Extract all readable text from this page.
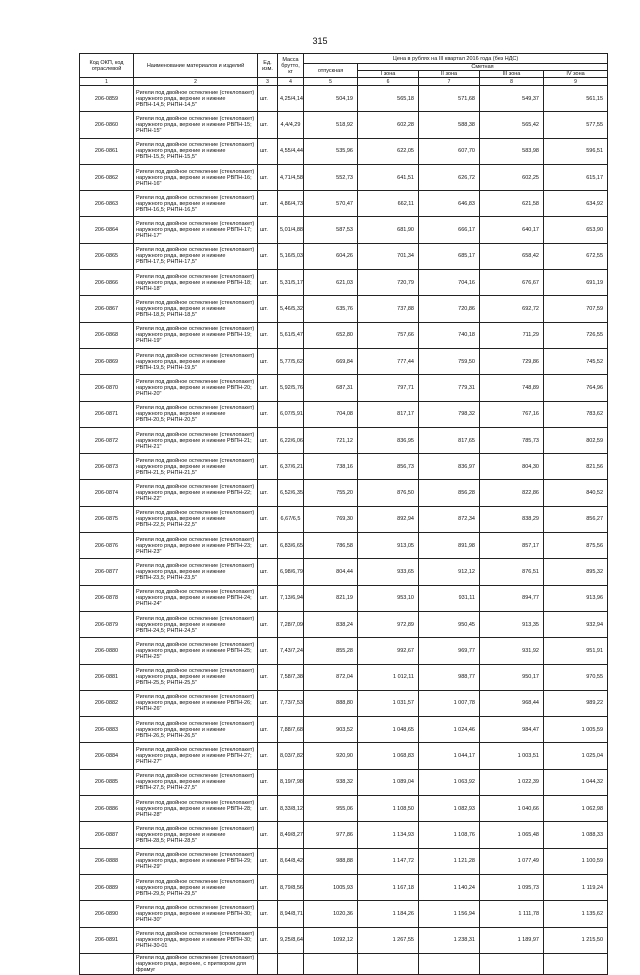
315
Код ОКП, код отраслевой	Наименование материалов и изделий	Ед. изм.	Масса брутто, кг	Цена в рублях на III квартал 2016 года (без НДС)				
				отпускная	Сметная			
					I зона	II зона	III зона	IV зона
1	2	3	4	5	6	7	8	9
206-0859	Ригели под двойное остекление (стеклопакет) наружного ряда, верхние и нижние РВПН-14,5; РНПН-14,5"	шт.	4,25/4,14	504,19	565,18	571,68	549,37	561,15
206-0860	Ригели под двойное остекление (стеклопакет) наружного ряда, верхние и нижние РВПН-15; РНПН-15"	шт.	4,4/4,29	518,92	602,28	588,38	565,42	577,55
206-0861	Ригели под двойное остекление (стеклопакет) наружного ряда, верхние и нижние РВПН-15,5; РНПН-15,5"	шт.	4,55/4,44	535,96	622,05	607,70	583,98	596,51
206-0862	Ригели под двойное остекление (стеклопакет) наружного ряда, верхние и нижние РВПН-16; РНПН-16"	шт.	4,71/4,58	552,73	641,51	626,72	602,25	615,17
206-0863	Ригели под двойное остекление (стеклопакет) наружного ряда, верхние и нижние РВПН-16,5; РНПН-16,5"	шт.	4,86/4,73	570,47	662,11	646,83	621,58	634,92
206-0864	Ригели под двойное остекление (стеклопакет) наружного ряда, верхние и нижние РВПН-17; РНПН-17"	шт.	5,01/4,88	587,53	681,90	666,17	640,17	653,90
206-0865	Ригели под двойное остекление (стеклопакет) наружного ряда, верхние и нижние РВПН-17,5; РНПН-17,5"	шт.	5,16/5,03	604,26	701,34	685,17	658,42	672,55
206-0866	Ригели под двойное остекление (стеклопакет) наружного ряда, верхние и нижние РВПН-18; РНПН-18"	шт.	5,31/5,17	621,03	720,79	704,16	676,67	691,19
206-0867	Ригели под двойное остекление (стеклопакет) наружного ряда, верхние и нижние РВПН-18,5; РНПН-18,5"	шт.	5,46/5,32	635,76	737,88	720,86	692,72	707,59
206-0868	Ригели под двойное остекление (стеклопакет) наружного ряда, верхние и нижние РВПН-19; РНПН-19"	шт.	5,61/5,47	652,80	757,66	740,18	711,29	726,55
206-0869	Ригели под двойное остекление (стеклопакет) наружного ряда, верхние и нижние РВПН-19,5; РНПН-19,5"	шт.	5,77/5,62	669,84	777,44	759,50	729,86	745,52
206-0870	Ригели под двойное остекление (стеклопакет) наружного ряда, верхние и нижние РВПН-20; РНПН-20"	шт.	5,92/5,76	687,31	797,71	779,31	748,89	764,96
206-0871	Ригели под двойное остекление (стеклопакет) наружного ряда, верхние и нижние РВПН-20,5; РНПН-20,5"	шт.	6,07/5,91	704,08	817,17	798,32	767,16	783,62
206-0872	Ригели под двойное остекление (стеклопакет) наружного ряда, верхние и нижние РВПН-21; РНПН-21"	шт.	6,22/6,06	721,12	836,95	817,65	785,73	802,59
206-0873	Ригели под двойное остекление (стеклопакет) наружного ряда, верхние и нижние РВПН-21,5; РНПН-21,5"	шт.	6,37/6,21	738,16	856,73	836,97	804,30	821,56
206-0874	Ригели под двойное остекление (стеклопакет) наружного ряда, верхние и нижние РВПН-22; РНПН-22"	шт.	6,52/6,35	755,20	876,50	856,28	822,86	840,52
206-0875	Ригели под двойное остекление (стеклопакет) наружного ряда, верхние и нижние РВПН-22,5; РНПН-22,5"	шт.	6,67/6,5	769,30	892,94	872,34	838,29	856,27
206-0876	Ригели под двойное остекление (стеклопакет) наружного ряда, верхние и нижние РВПН-23; РНПН-23"	шт.	6,83/6,65	786,58	913,05	891,98	857,17	875,56
206-0877	Ригели под двойное остекление (стеклопакет) наружного ряда, верхние и нижние РВПН-23,5; РНПН-23,5"	шт.	6,98/6,79	804,44	933,65	912,12	876,51	895,32
206-0878	Ригели под двойное остекление (стеклопакет) наружного ряда, верхние и нижние РВПН-24; РНПН-24"	шт.	7,13/6,94	821,19	953,10	931,11	894,77	913,96
206-0879	Ригели под двойное остекление (стеклопакет) наружного ряда, верхние и нижние РВПН-24,5; РНПН-24,5"	шт.	7,28/7,09	838,24	972,89	950,45	913,35	932,94
206-0880	Ригели под двойное остекление (стеклопакет) наружного ряда, верхние и нижние РВПН-25; РНПН-25"	шт.	7,43/7,24	855,28	992,67	969,77	931,92	951,91
206-0881	Ригели под двойное остекление (стеклопакет) наружного ряда, верхние и нижние РВПН-25,5; РНПН-25,5"	шт.	7,58/7,38	872,04	1 012,11	988,77	950,17	970,55
206-0882	Ригели под двойное остекление (стеклопакет) наружного ряда, верхние и нижние РВПН-26; РНПН-26"	шт.	7,73/7,53	888,80	1 031,57	1 007,78	968,44	989,22
206-0883	Ригели под двойное остекление (стеклопакет) наружного ряда, верхние и нижние РВПН-26,5; РНПН-26,5"	шт.	7,88/7,68	903,52	1 048,65	1 024,46	984,47	1 005,59
206-0884	Ригели под двойное остекление (стеклопакет) наружного ряда, верхние и нижние РВПН-27; РНПН-27"	шт.	8,03/7,82	920,90	1 068,83	1 044,17	1 003,51	1 025,04
206-0885	Ригели под двойное остекление (стеклопакет) наружного ряда, верхние и нижние РВПН-27,5; РНПН-27,5"	шт.	8,19/7,98	938,32	1 089,04	1 063,92	1 022,39	1 044,32
206-0886	Ригели под двойное остекление (стеклопакет) наружного ряда, верхние и нижние РВПН-28; РНПН-28"	шт.	8,33/8,12	955,06	1 108,50	1 082,93	1 040,66	1 062,98
206-0887	Ригели под двойное остекление (стеклопакет) наружного ряда, верхние и нижние РВПН-28,5; РНПН-28,5"	шт.	8,49/8,27	977,86	1 134,93	1 108,76	1 065,48	1 088,33
206-0888	Ригели под двойное остекление (стеклопакет) наружного ряда, верхние и нижние РВПН-29; РНПН-29"	шт.	8,64/8,42	988,88	1 147,72	1 121,28	1 077,49	1 100,59
206-0889	Ригели под двойное остекление (стеклопакет) наружного ряда, верхние и нижние РВПН-29,5; РНПН-29,5"	шт.	8,79/8,56	1005,93	1 167,18	1 140,24	1 095,73	1 119,24
206-0890	Ригели под двойное остекление (стеклопакет) наружного ряда, верхние и нижние РВПН-30; РНПН-30"	шт.	8,94/8,71	1020,36	1 184,26	1 156,94	1 111,78	1 135,62
206-0891	Ригели под двойное остекление (стеклопакет) наружного ряда, верхние и нижние РВПН-30; РНПН-30-01	шт.	9,25/8,64	1092,12	1 267,55	1 238,31	1 189,97	1 215,50
	Ригели под двойное остекление (стеклопакет) наружного ряда, верхние, с притвором для фрамуг							
